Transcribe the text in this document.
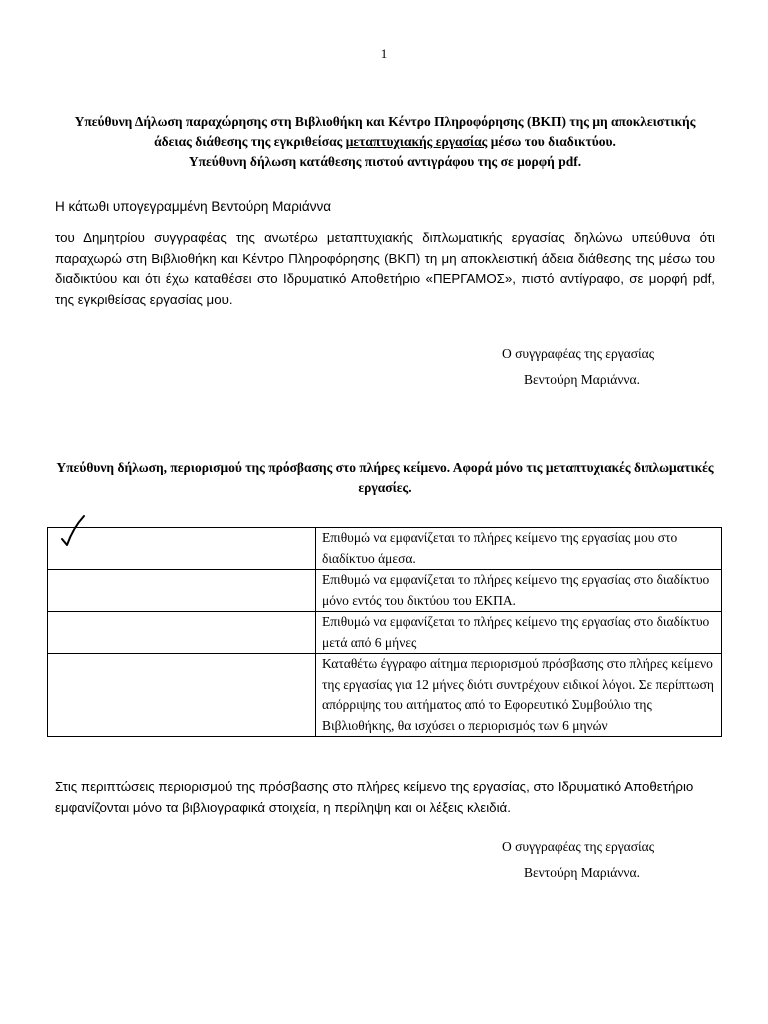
1
Υπεύθυνη Δήλωση παραχώρησης στη Βιβλιοθήκη και Κέντρο Πληροφόρησης (ΒΚΠ) της μη αποκλειστικής άδειας διάθεσης της εγκριθείσας μεταπτυχιακής εργασίας μέσω του διαδικτύου.
Υπεύθυνη δήλωση κατάθεσης πιστού αντιγράφου της σε μορφή pdf.
Η κάτωθι υπογεγραμμένη Βεντούρη Μαριάννα
του Δημητρίου συγγραφέας της ανωτέρω μεταπτυχιακής διπλωματικής εργασίας δηλώνω υπεύθυνα ότι παραχωρώ στη Βιβλιοθήκη και Κέντρο Πληροφόρησης (ΒΚΠ) τη μη αποκλειστική άδεια διάθεσης της μέσω του διαδικτύου και ότι έχω καταθέσει στο Ιδρυματικό Αποθετήριο «ΠΕΡΓΑΜΟΣ», πιστό αντίγραφο, σε μορφή pdf, της εγκριθείσας εργασίας μου.
Ο συγγραφέας της εργασίας
Βεντούρη Μαριάννα.
Υπεύθυνη δήλωση, περιορισμού της πρόσβασης στο πλήρες κείμενο. Αφορά μόνο τις μεταπτυχιακές διπλωματικές εργασίες.
	Επιθυμώ να εμφανίζεται το πλήρες κείμενο της εργασίας μου στο διαδίκτυο άμεσα.
	Επιθυμώ να εμφανίζεται το πλήρες κείμενο της εργασίας στο διαδίκτυο μόνο εντός του δικτύου του ΕΚΠΑ.
	Επιθυμώ να εμφανίζεται το πλήρες κείμενο της εργασίας στο διαδίκτυο μετά από 6 μήνες
	Καταθέτω έγγραφο αίτημα περιορισμού πρόσβασης στο πλήρες κείμενο της εργασίας για 12 μήνες διότι συντρέχουν ειδικοί λόγοι. Σε περίπτωση απόρριψης του αιτήματος από το Εφορευτικό Συμβούλιο της Βιβλιοθήκης, θα ισχύσει ο περιορισμός των 6 μηνών
Στις περιπτώσεις περιορισμού της πρόσβασης στο πλήρες κείμενο της εργασίας, στο Ιδρυματικό Αποθετήριο εμφανίζονται μόνο τα βιβλιογραφικά στοιχεία, η περίληψη και οι λέξεις κλειδιά.
Ο συγγραφέας της εργασίας
Βεντούρη Μαριάννα.
